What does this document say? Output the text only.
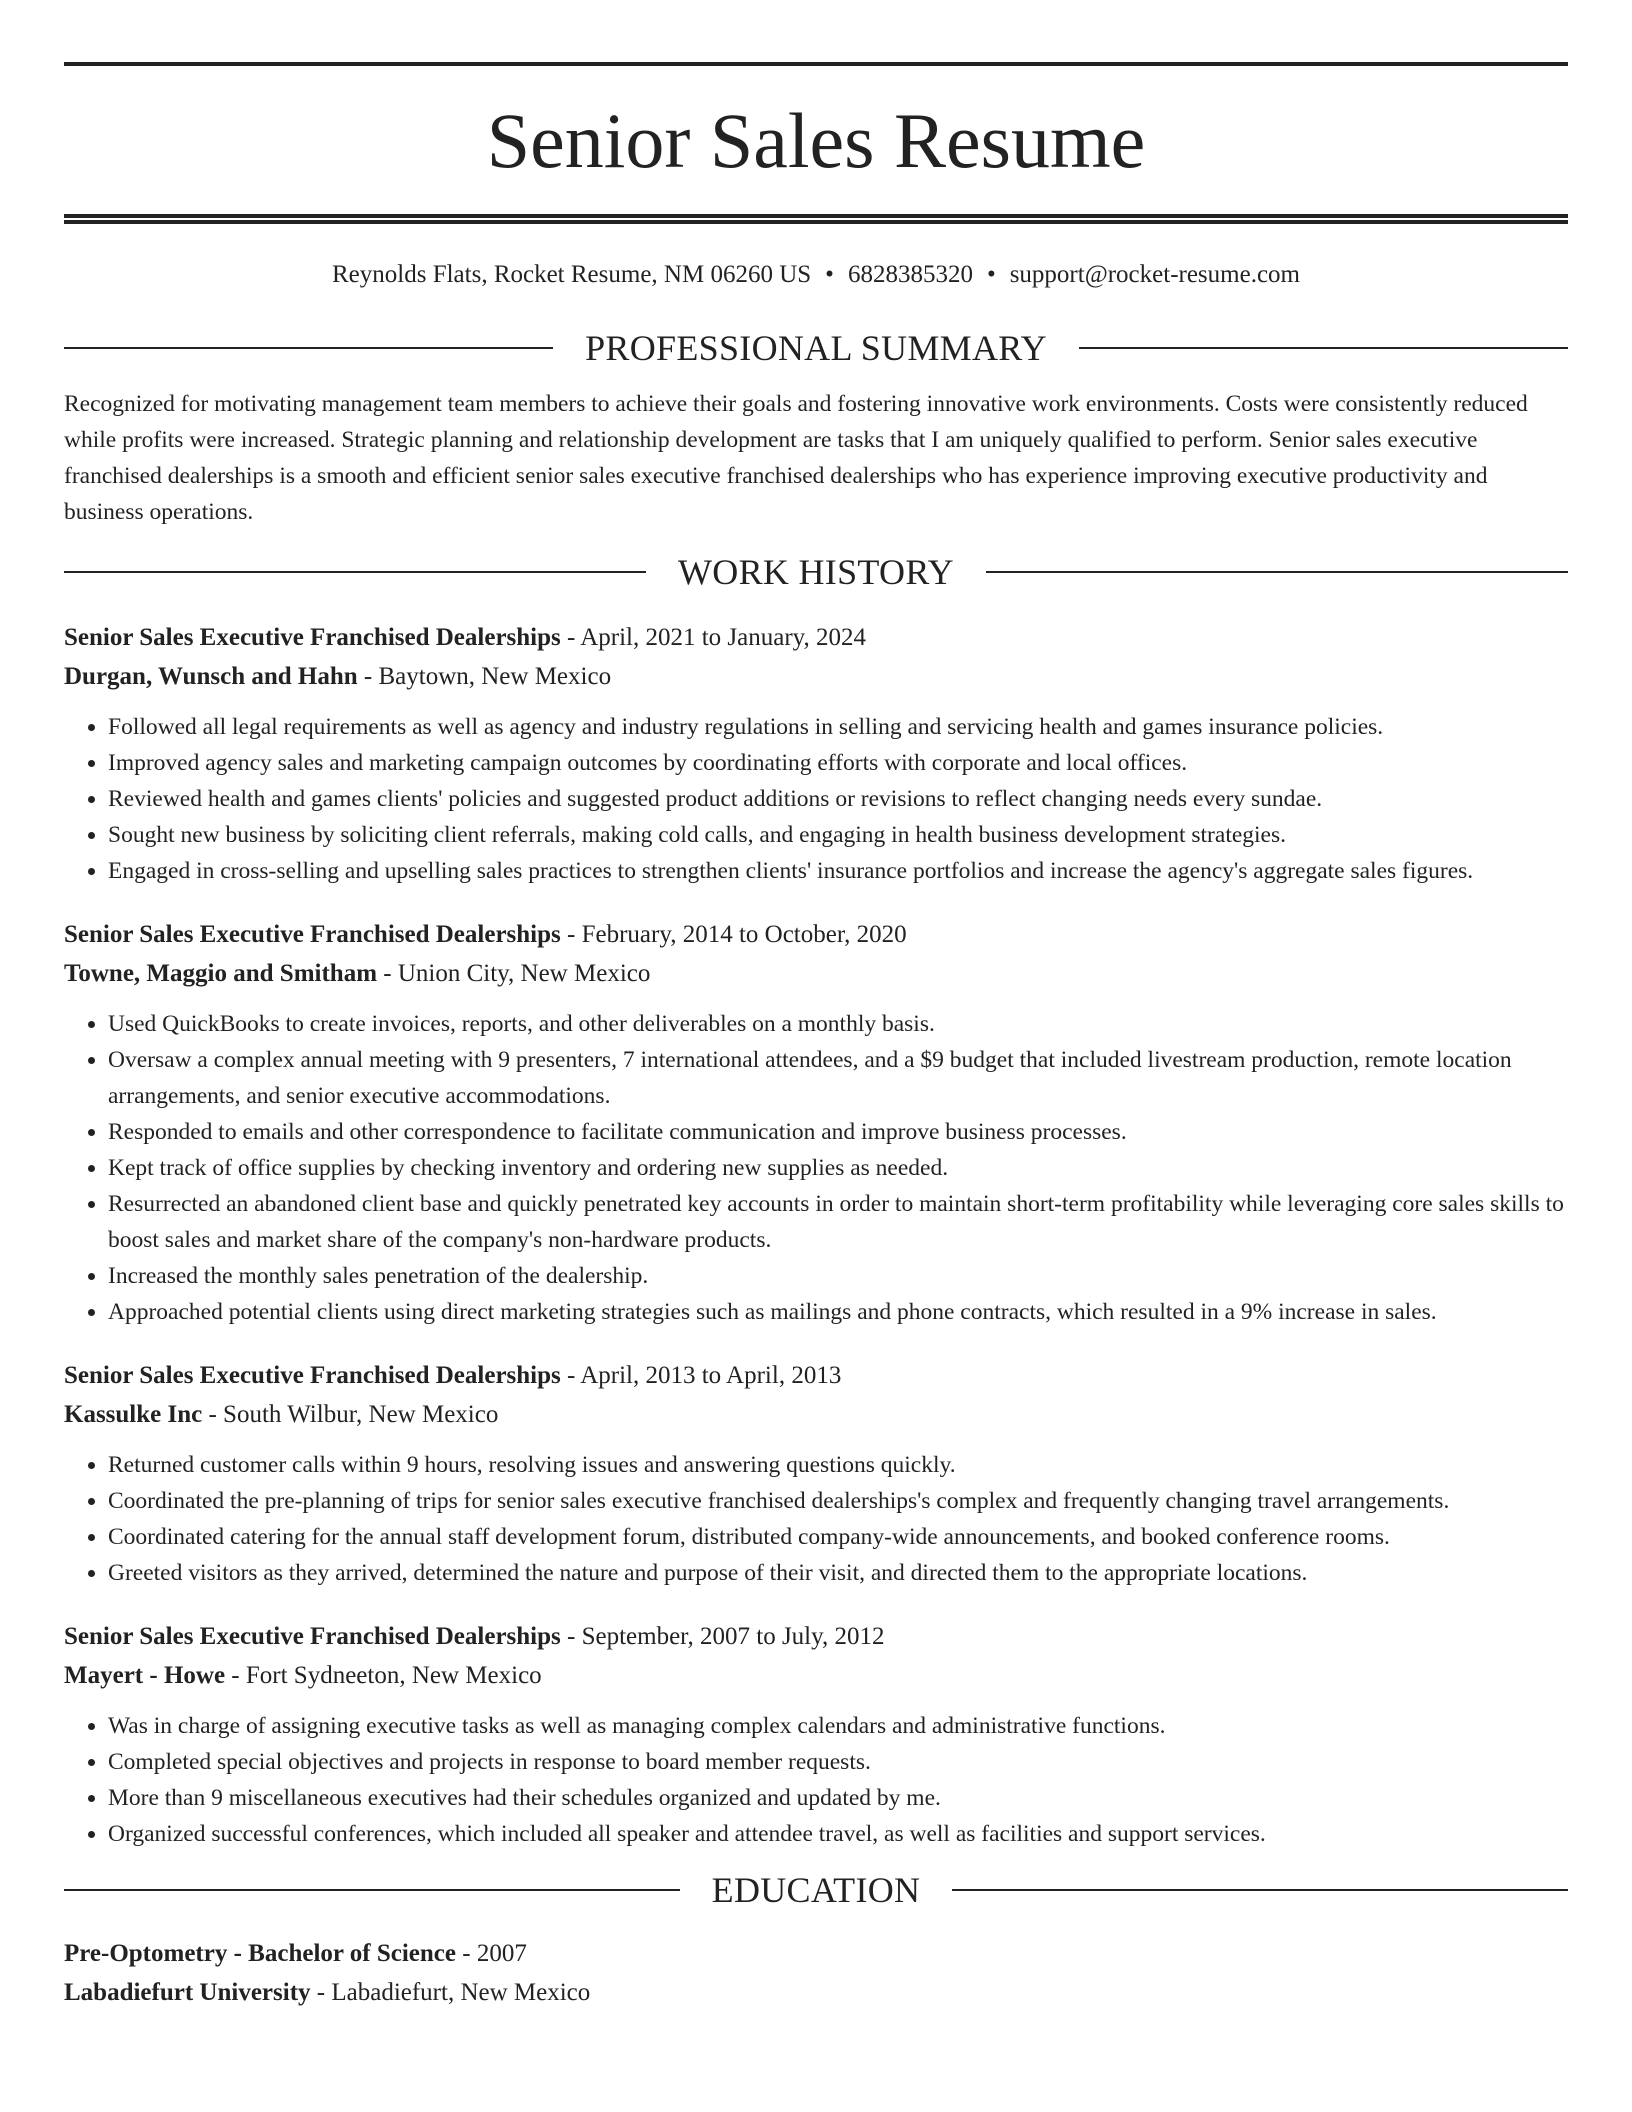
Senior Sales Resume
Reynolds Flats, Rocket Resume, NM 06260 US • 6828385320 • support@rocket-resume.com
PROFESSIONAL SUMMARY

Recognized for motivating management team members to achieve their goals and fostering innovative work environments. Costs were consistently reduced while profits were increased. Strategic planning and relationship development are tasks that I am uniquely qualified to perform. Senior sales executive franchised dealerships is a smooth and efficient senior sales executive franchised dealerships who has experience improving executive productivity and business operations.

WORK HISTORY
Senior Sales Executive Franchised Dealerships - April, 2021 to January, 2024
Durgan, Wunsch and Hahn - Baytown, New Mexico
• Followed all legal requirements as well as agency and industry regulations in selling and servicing health and games insurance policies.
• Improved agency sales and marketing campaign outcomes by coordinating efforts with corporate and local offices.
• Reviewed health and games clients' policies and suggested product additions or revisions to reflect changing needs every sundae.
• Sought new business by soliciting client referrals, making cold calls, and engaging in health business development strategies.
• Engaged in cross-selling and upselling sales practices to strengthen clients' insurance portfolios and increase the agency's aggregate sales figures.
Senior Sales Executive Franchised Dealerships - February, 2014 to October, 2020
Towne, Maggio and Smitham - Union City, New Mexico
• Used QuickBooks to create invoices, reports, and other deliverables on a monthly basis.
• Oversaw a complex annual meeting with 9 presenters, 7 international attendees, and a $9 budget that included livestream production, remote location arrangements, and senior executive accommodations.
• Responded to emails and other correspondence to facilitate communication and improve business processes.
• Kept track of office supplies by checking inventory and ordering new supplies as needed.
• Resurrected an abandoned client base and quickly penetrated key accounts in order to maintain short-term profitability while leveraging core sales skills to boost sales and market share of the company's non-hardware products.
• Increased the monthly sales penetration of the dealership.
• Approached potential clients using direct marketing strategies such as mailings and phone contracts, which resulted in a 9% increase in sales.
Senior Sales Executive Franchised Dealerships - April, 2013 to April, 2013
Kassulke Inc - South Wilbur, New Mexico
• Returned customer calls within 9 hours, resolving issues and answering questions quickly.
• Coordinated the pre-planning of trips for senior sales executive franchised dealerships's complex and frequently changing travel arrangements.
• Coordinated catering for the annual staff development forum, distributed company-wide announcements, and booked conference rooms.
• Greeted visitors as they arrived, determined the nature and purpose of their visit, and directed them to the appropriate locations.
Senior Sales Executive Franchised Dealerships - September, 2007 to July, 2012
Mayert - Howe - Fort Sydneeton, New Mexico
• Was in charge of assigning executive tasks as well as managing complex calendars and administrative functions.
• Completed special objectives and projects in response to board member requests.
• More than 9 miscellaneous executives had their schedules organized and updated by me.
• Organized successful conferences, which included all speaker and attendee travel, as well as facilities and support services.
EDUCATION
Pre-Optometry - Bachelor of Science - 2007
Labadiefurt University - Labadiefurt, New Mexico
